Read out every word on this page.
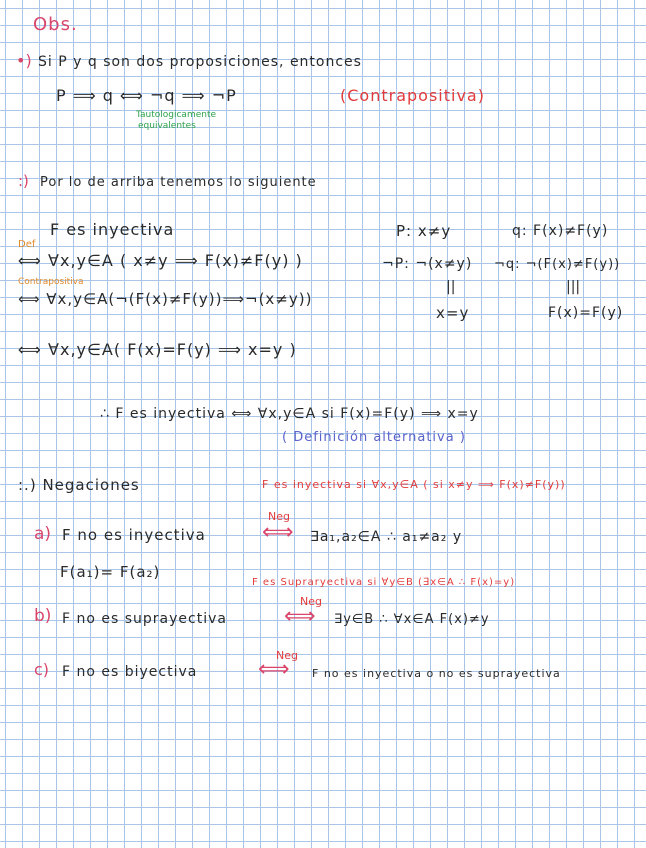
Obs.
•) Si P y q son dos proposiciones, entonces
P ⟹ q ⟺ ¬q ⟹ ¬P	(Contrapositiva)
Tautologicamente
equivalentes
:) Por lo de arriba tenemos lo siguiente
F es inyectiva
Def
⟺ ∀x,y∈A ( x≠y ⟹ F(x)≠F(y) )
Contrapositiva
⟺ ∀x,y∈A(¬(F(x)≠F(y))⟹¬(x≠y))
⟺ ∀x,y∈A( F(x)=F(y) ⟹ x=y )
P: x≠y	q: F(x)≠F(y)
¬P: ¬(x≠y) ¬q: ¬(F(x)≠F(y))
||	|||
x=y	F(x)=F(y)
∴ F es inyectiva ⟺ ∀x,y∈A si F(x)=F(y) ⟹ x=y
( Definición alternativa )
:.) Negaciones	F es inyectiva si ∀x,y∈A ( si x≠y ⟹ F(x)≠F(y))
Neg
a) F no es inyectiva	⟺ ∃a₁,a₂∈A ∴ a₁≠a₂ y
F(a₁)= F(a₂)
F es Supraryectiva si ∀y∈B (∃x∈A ∴ F(x)=y)
Neg
b) F no es suprayectiva	⟺ ∃y∈B ∴ ∀x∈A F(x)≠y
Neg
c) F no es biyectiva	⟺ F no es inyectiva o no es suprayectiva
